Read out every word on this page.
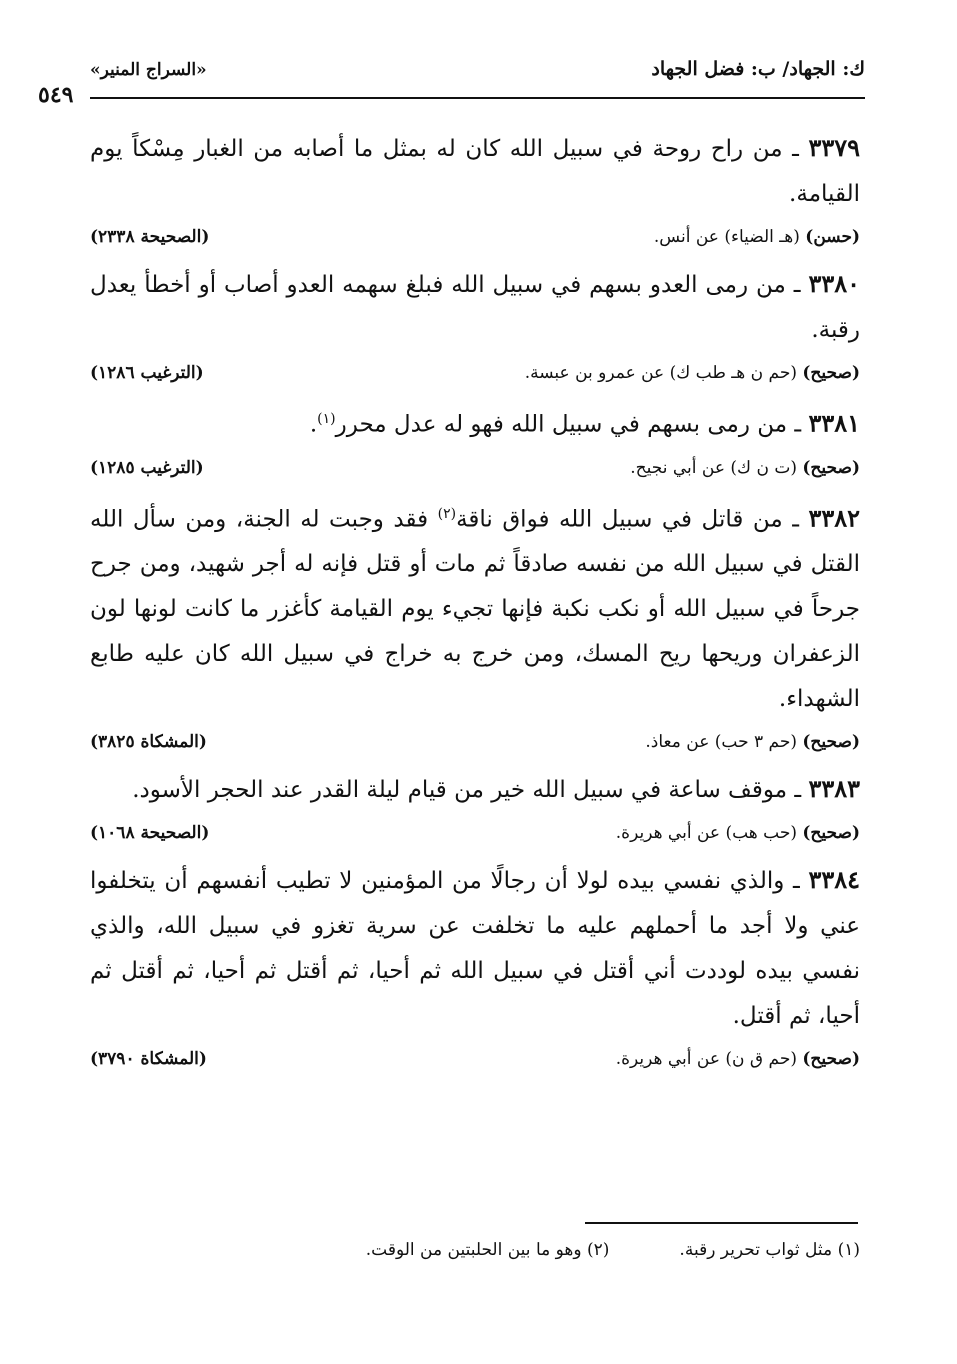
ك: الجهاد/ ب: فضل الجهاد
«السراج المنير»
٥٤٩
٣٣٧٩ ـ من راح روحة في سبيل الله كان له بمثل ما أصابه من الغبار مِسْكاً يوم القيامة.
(حسن) (هـ الضياء) عن أنس.
(الصحيحة ٢٣٣٨)
٣٣٨٠ ـ من رمى العدو بسهم في سبيل الله فبلغ سهمه العدو أصاب أو أخطأ يعدل رقبة.
(صحيح) (حم ن هـ طب ك) عن عمرو بن عبسة.
(الترغيب ١٢٨٦)
٣٣٨١ ـ من رمى بسهم في سبيل الله فهو له عدل محرر$^{(١)}$.
(صحيح) (ت ن ك) عن أبي نجيح.
(الترغيب ١٢٨٥)
٣٣٨٢ ـ من قاتل في سبيل الله فواق ناقة$^{(٢)}$ فقد وجبت له الجنة، ومن سأل الله القتل في سبيل الله من نفسه صادقاً ثم مات أو قتل فإنه له أجر شهيد، ومن جرح جرحاً في سبيل الله أو نكب نكبة فإنها تجيء يوم القيامة كأغزر ما كانت لونها لون الزعفران وريحها ريح المسك، ومن خرج به خراج في سبيل الله كان عليه طابع الشهداء.
(صحيح) (حم ٣ حب) عن معاذ.
(المشكاة ٣٨٢٥)
٣٣٨٣ ـ موقف ساعة في سبيل الله خير من قيام ليلة القدر عند الحجر الأسود.
(صحيح) (حب هب) عن أبي هريرة.
(الصحيحة ١٠٦٨)
٣٣٨٤ ـ والذي نفسي بيده لولا أن رجالًا من المؤمنين لا تطيب أنفسهم أن يتخلفوا عني ولا أجد ما أحملهم عليه ما تخلفت عن سرية تغزو في سبيل الله، والذي نفسي بيده لوددت أني أقتل في سبيل الله ثم أحيا، ثم أقتل ثم أحيا، ثم أقتل ثم أحيا، ثم أقتل.
(صحيح) (حم ق ن) عن أبي هريرة.
(المشكاة ٣٧٩٠)
(١) مثل ثواب تحرير رقبة.
(٢) وهو ما بين الحلبتين من الوقت.
